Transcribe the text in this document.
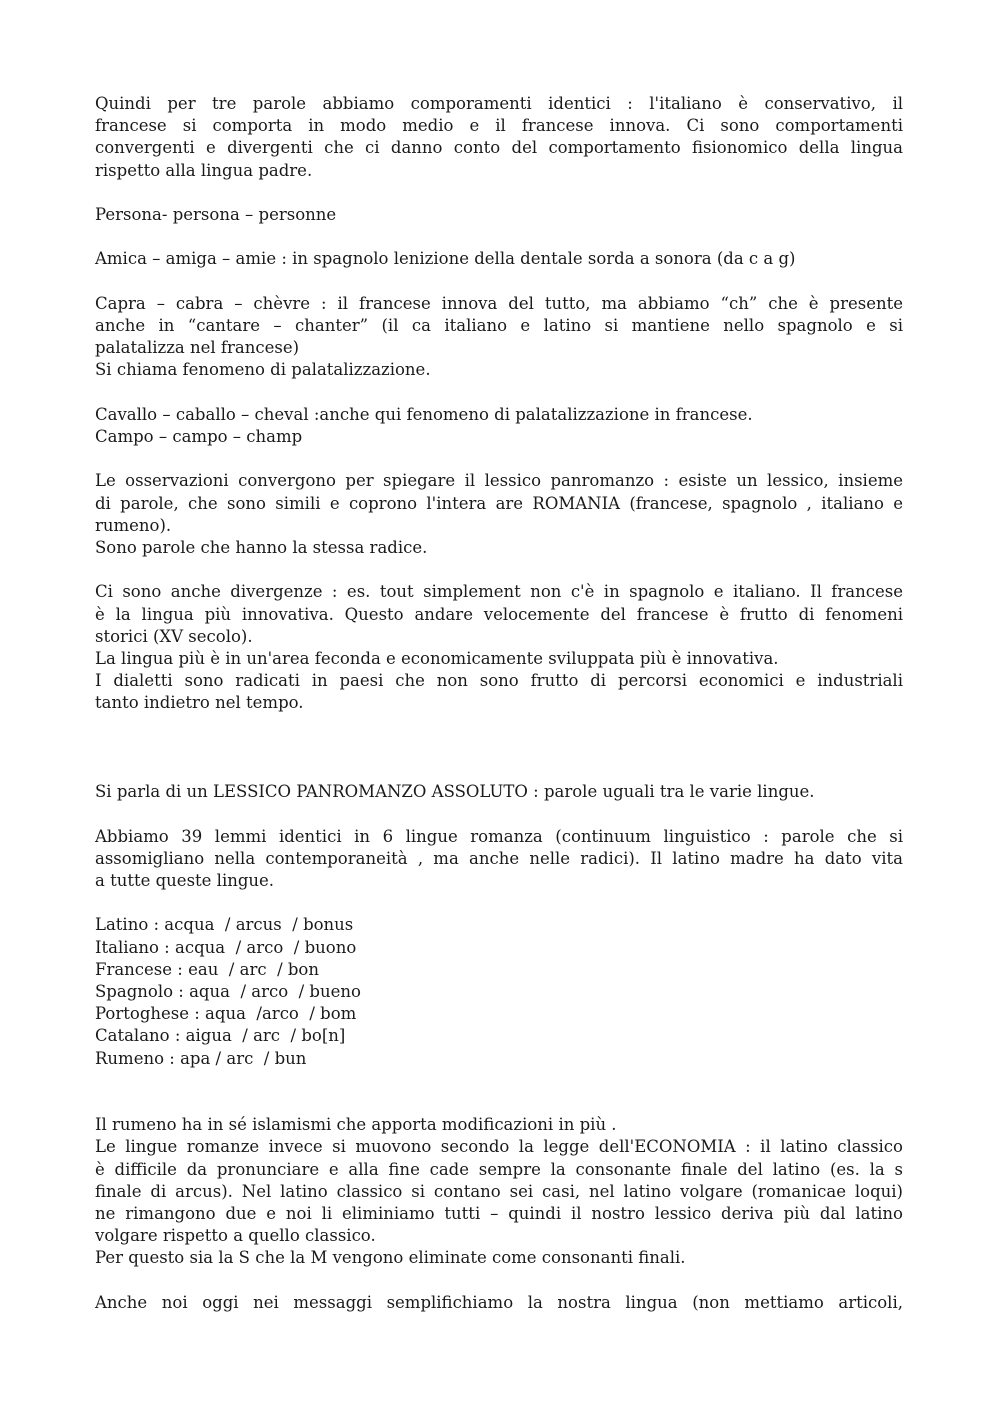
Quindi per tre parole abbiamo comporamenti identici : l'italiano è conservativo, il
francese si comporta in modo medio e il francese innova. Ci sono comportamenti
convergenti e divergenti che ci danno conto del comportamento fisionomico della lingua
rispetto alla lingua padre.
Persona- persona – personne
Amica – amiga – amie : in spagnolo lenizione della dentale sorda a sonora (da c a g)
Capra – cabra – chèvre : il francese innova del tutto, ma abbiamo “ch” che è presente
anche in “cantare – chanter” (il ca italiano e latino si mantiene nello spagnolo e si
palatalizza nel francese)
Si chiama fenomeno di palatalizzazione.
Cavallo – caballo – cheval :anche qui fenomeno di palatalizzazione in francese.
Campo – campo – champ
Le osservazioni convergono per spiegare il lessico panromanzo : esiste un lessico, insieme
di parole, che sono simili e coprono l'intera are ROMANIA (francese, spagnolo , italiano e
rumeno).
Sono parole che hanno la stessa radice.
Ci sono anche divergenze : es. tout simplement non c'è in spagnolo e italiano. Il francese
è la lingua più innovativa. Questo andare velocemente del francese è frutto di fenomeni
storici (XV secolo).
La lingua più è in un'area feconda e economicamente sviluppata più è innovativa.
I dialetti sono radicati in paesi che non sono frutto di percorsi economici e industriali
tanto indietro nel tempo.
Si parla di un LESSICO PANROMANZO ASSOLUTO : parole uguali tra le varie lingue.
Abbiamo 39 lemmi identici in 6 lingue romanza (continuum linguistico : parole che si
assomigliano nella contemporaneità , ma anche nelle radici). Il latino madre ha dato vita
a tutte queste lingue.
Latino : acqua  / arcus  / bonus
Italiano : acqua  / arco  / buono
Francese : eau  / arc  / bon
Spagnolo : aqua  / arco  / bueno
Portoghese : aqua  /arco  / bom
Catalano : aigua  / arc  / bo[n]
Rumeno : apa / arc  / bun
Il rumeno ha in sé islamismi che apporta modificazioni in più .
Le lingue romanze invece si muovono secondo la legge dell'ECONOMIA : il latino classico
è difficile da pronunciare e alla fine cade sempre la consonante finale del latino (es. la s
finale di arcus). Nel latino classico si contano sei casi, nel latino volgare (romanicae loqui)
ne rimangono due e noi li eliminiamo tutti – quindi il nostro lessico deriva più dal latino
volgare rispetto a quello classico.
Per questo sia la S che la M vengono eliminate come consonanti finali.
Anche noi oggi nei messaggi semplifichiamo la nostra lingua (non mettiamo articoli,
